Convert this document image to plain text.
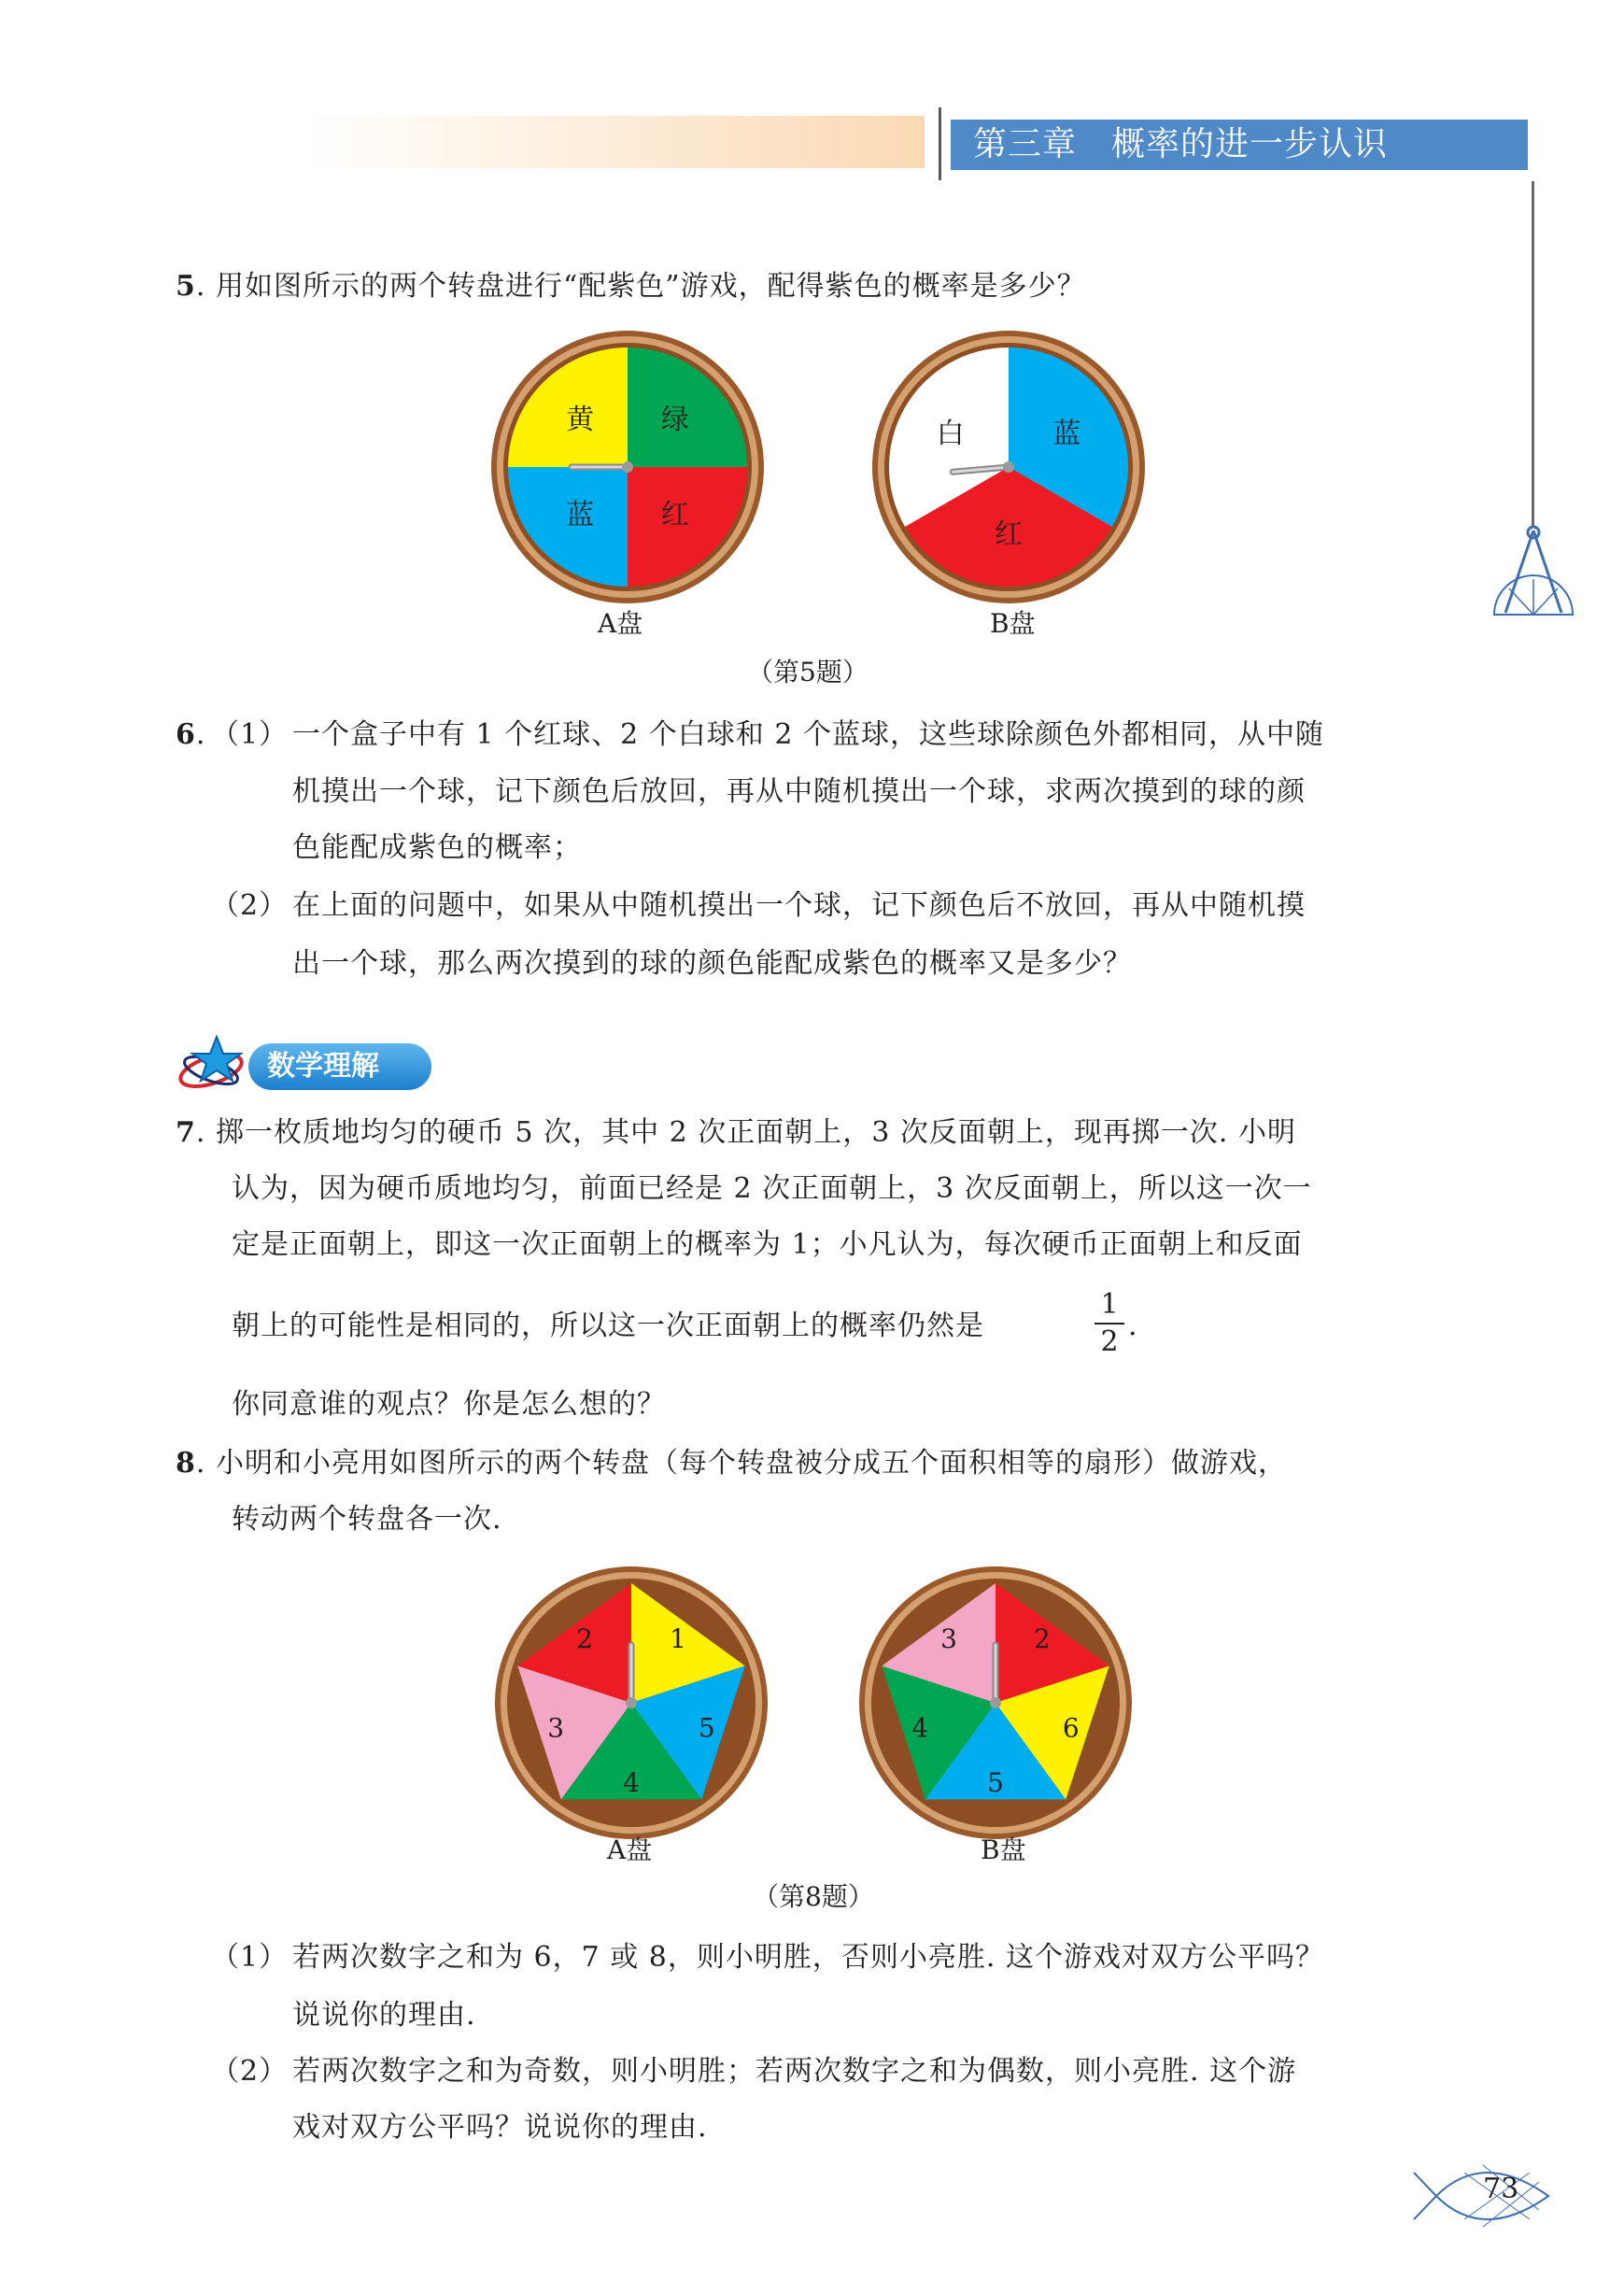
第三章　概率的进一步认识
5. 用如图所示的两个转盘进行“配紫色”游戏，配得紫色的概率是多少？
黄 绿
红
蓝
白	蓝
红
A盘	B盘
（第5题）
6. （1） 一个盒子中有 1 个红球、2 个白球和 2 个蓝球，这些球除颜色外都相同，从中随
机摸出一个球，记下颜色后放回，再从中随机摸出一个球，求两次摸到的球的颜
色能配成紫色的概率；
（2） 在上面的问题中，如果从中随机摸出一个球，记下颜色后不放回，再从中随机摸
出一个球，那么两次摸到的球的颜色能配成紫色的概率又是多少？
数学理解
7. 掷一枚质地均匀的硬币 5 次，其中 2 次正面朝上，3 次反面朝上，现再掷一次. 小明
认为，因为硬币质地均匀，前面已经是 2 次正面朝上，3 次反面朝上，所以这一次一
定是正面朝上，即这一次正面朝上的概率为 1；小凡认为，每次硬币正面朝上和反面
朝上的可能性是相同的，所以这一次正面朝上的概率仍然是
1
2 .
你同意谁的观点？你是怎么想的？
8. 小明和小亮用如图所示的两个转盘（每个转盘被分成五个面积相等的扇形）做游戏，
转动两个转盘各一次.
1
5
4
3
2	2
6
5
4
3
A盘	B盘
（第8题）
（1） 若两次数字之和为 6，7 或 8，则小明胜，否则小亮胜. 这个游戏对双方公平吗？
说说你的理由.
（2） 若两次数字之和为奇数，则小明胜；若两次数字之和为偶数，则小亮胜. 这个游
戏对双方公平吗？说说你的理由.
73
